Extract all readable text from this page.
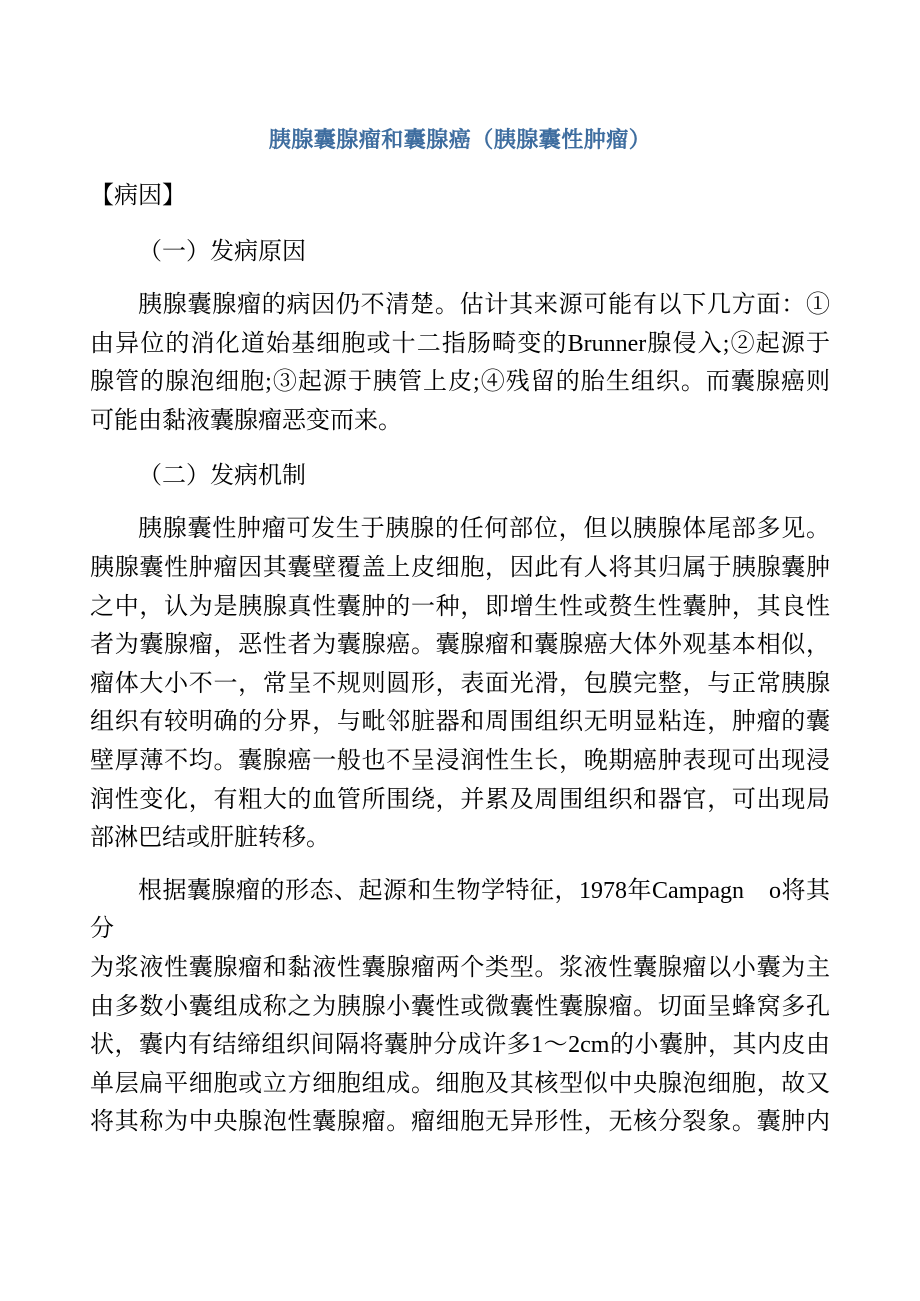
胰腺囊腺瘤和囊腺癌（胰腺囊性肿瘤）
【病因】
（一）发病原因
胰腺囊腺瘤的病因仍不清楚。估计其来源可能有以下几方面：①
由异位的消化道始基细胞或十二指肠畸变的Brunner腺侵入;②起源于
腺管的腺泡细胞;③起源于胰管上皮;④残留的胎生组织。而囊腺癌则
可能由黏液囊腺瘤恶变而来。
（二）发病机制
胰腺囊性肿瘤可发生于胰腺的任何部位，但以胰腺体尾部多见。
胰腺囊性肿瘤因其囊壁覆盖上皮细胞，因此有人将其归属于胰腺囊肿
之中，认为是胰腺真性囊肿的一种，即增生性或赘生性囊肿，其良性
者为囊腺瘤，恶性者为囊腺癌。囊腺瘤和囊腺癌大体外观基本相似，
瘤体大小不一，常呈不规则圆形，表面光滑，包膜完整，与正常胰腺
组织有较明确的分界，与毗邻脏器和周围组织无明显粘连，肿瘤的囊
壁厚薄不均。囊腺癌一般也不呈浸润性生长，晚期癌肿表现可出现浸
润性变化，有粗大的血管所围绕，并累及周围组织和器官，可出现局
部淋巴结或肝脏转移。
根据囊腺瘤的形态、起源和生物学特征，1978年Campagn　o将其分
为浆液性囊腺瘤和黏液性囊腺瘤两个类型。浆液性囊腺瘤以小囊为主
由多数小囊组成称之为胰腺小囊性或微囊性囊腺瘤。切面呈蜂窝多孔
状，囊内有结缔组织间隔将囊肿分成许多1〜2cm的小囊肿，其内皮由
单层扁平细胞或立方细胞组成。细胞及其核型似中央腺泡细胞，故又
将其称为中央腺泡性囊腺瘤。瘤细胞无异形性，无核分裂象。囊肿内
